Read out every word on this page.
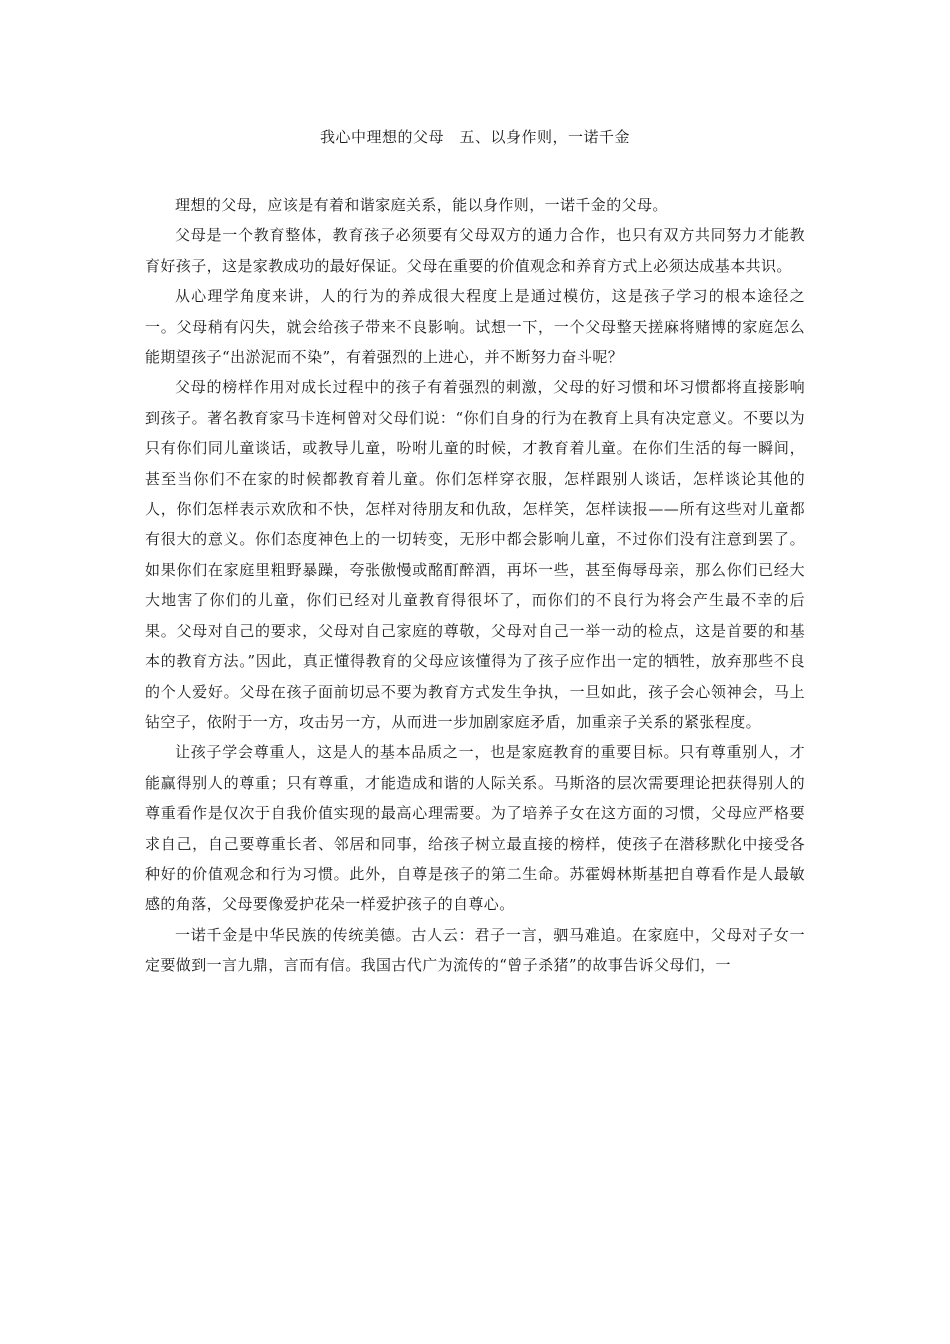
我心中理想的父母　五、以身作则，一诺千金

理想的父母，应该是有着和谐家庭关系，能以身作则，一诺千金的父母。

父母是一个教育整体，教育孩子必须要有父母双方的通力合作，也只有双方共同努力才能教育好孩子，这是家教成功的最好保证。父母在重要的价值观念和养育方式上必须达成基本共识。

从心理学角度来讲，人的行为的养成很大程度上是通过模仿，这是孩子学习的根本途径之一。父母稍有闪失，就会给孩子带来不良影响。试想一下，一个父母整天搓麻将赌博的家庭怎么能期望孩子“出淤泥而不染”，有着强烈的上进心，并不断努力奋斗呢？

父母的榜样作用对成长过程中的孩子有着强烈的刺激，父母的好习惯和坏习惯都将直接影响到孩子。著名教育家马卡连柯曾对父母们说：“你们自身的行为在教育上具有决定意义。不要以为只有你们同儿童谈话，或教导儿童，吩咐儿童的时候，才教育着儿童。在你们生活的每一瞬间，甚至当你们不在家的时候都教育着儿童。你们怎样穿衣服，怎样跟别人谈话，怎样谈论其他的人，你们怎样表示欢欣和不快，怎样对待朋友和仇敌，怎样笑，怎样读报——所有这些对儿童都有很大的意义。你们态度神色上的一切转变，无形中都会影响儿童，不过你们没有注意到罢了。如果你们在家庭里粗野暴躁，夸张傲慢或酩酊醉酒，再坏一些，甚至侮辱母亲，那么你们已经大大地害了你们的儿童，你们已经对儿童教育得很坏了，而你们的不良行为将会产生最不幸的后果。父母对自己的要求，父母对自己家庭的尊敬，父母对自己一举一动的检点，这是首要的和基本的教育方法。”因此，真正懂得教育的父母应该懂得为了孩子应作出一定的牺牲，放弃那些不良的个人爱好。父母在孩子面前切忌不要为教育方式发生争执，一旦如此，孩子会心领神会，马上钻空子，依附于一方，攻击另一方，从而进一步加剧家庭矛盾，加重亲子关系的紧张程度。

让孩子学会尊重人，这是人的基本品质之一，也是家庭教育的重要目标。只有尊重别人，才能赢得别人的尊重；只有尊重，才能造成和谐的人际关系。马斯洛的层次需要理论把获得别人的尊重看作是仅次于自我价值实现的最高心理需要。为了培养子女在这方面的习惯，父母应严格要求自己，自己要尊重长者、邻居和同事，给孩子树立最直接的榜样，使孩子在潜移默化中接受各种好的价值观念和行为习惯。此外，自尊是孩子的第二生命。苏霍姆林斯基把自尊看作是人最敏感的角落，父母要像爱护花朵一样爱护孩子的自尊心。

一诺千金是中华民族的传统美德。古人云：君子一言，驷马难追。在家庭中，父母对子女一定要做到一言九鼎，言而有信。我国古代广为流传的“曾子杀猪”的故事告诉父母们，一
